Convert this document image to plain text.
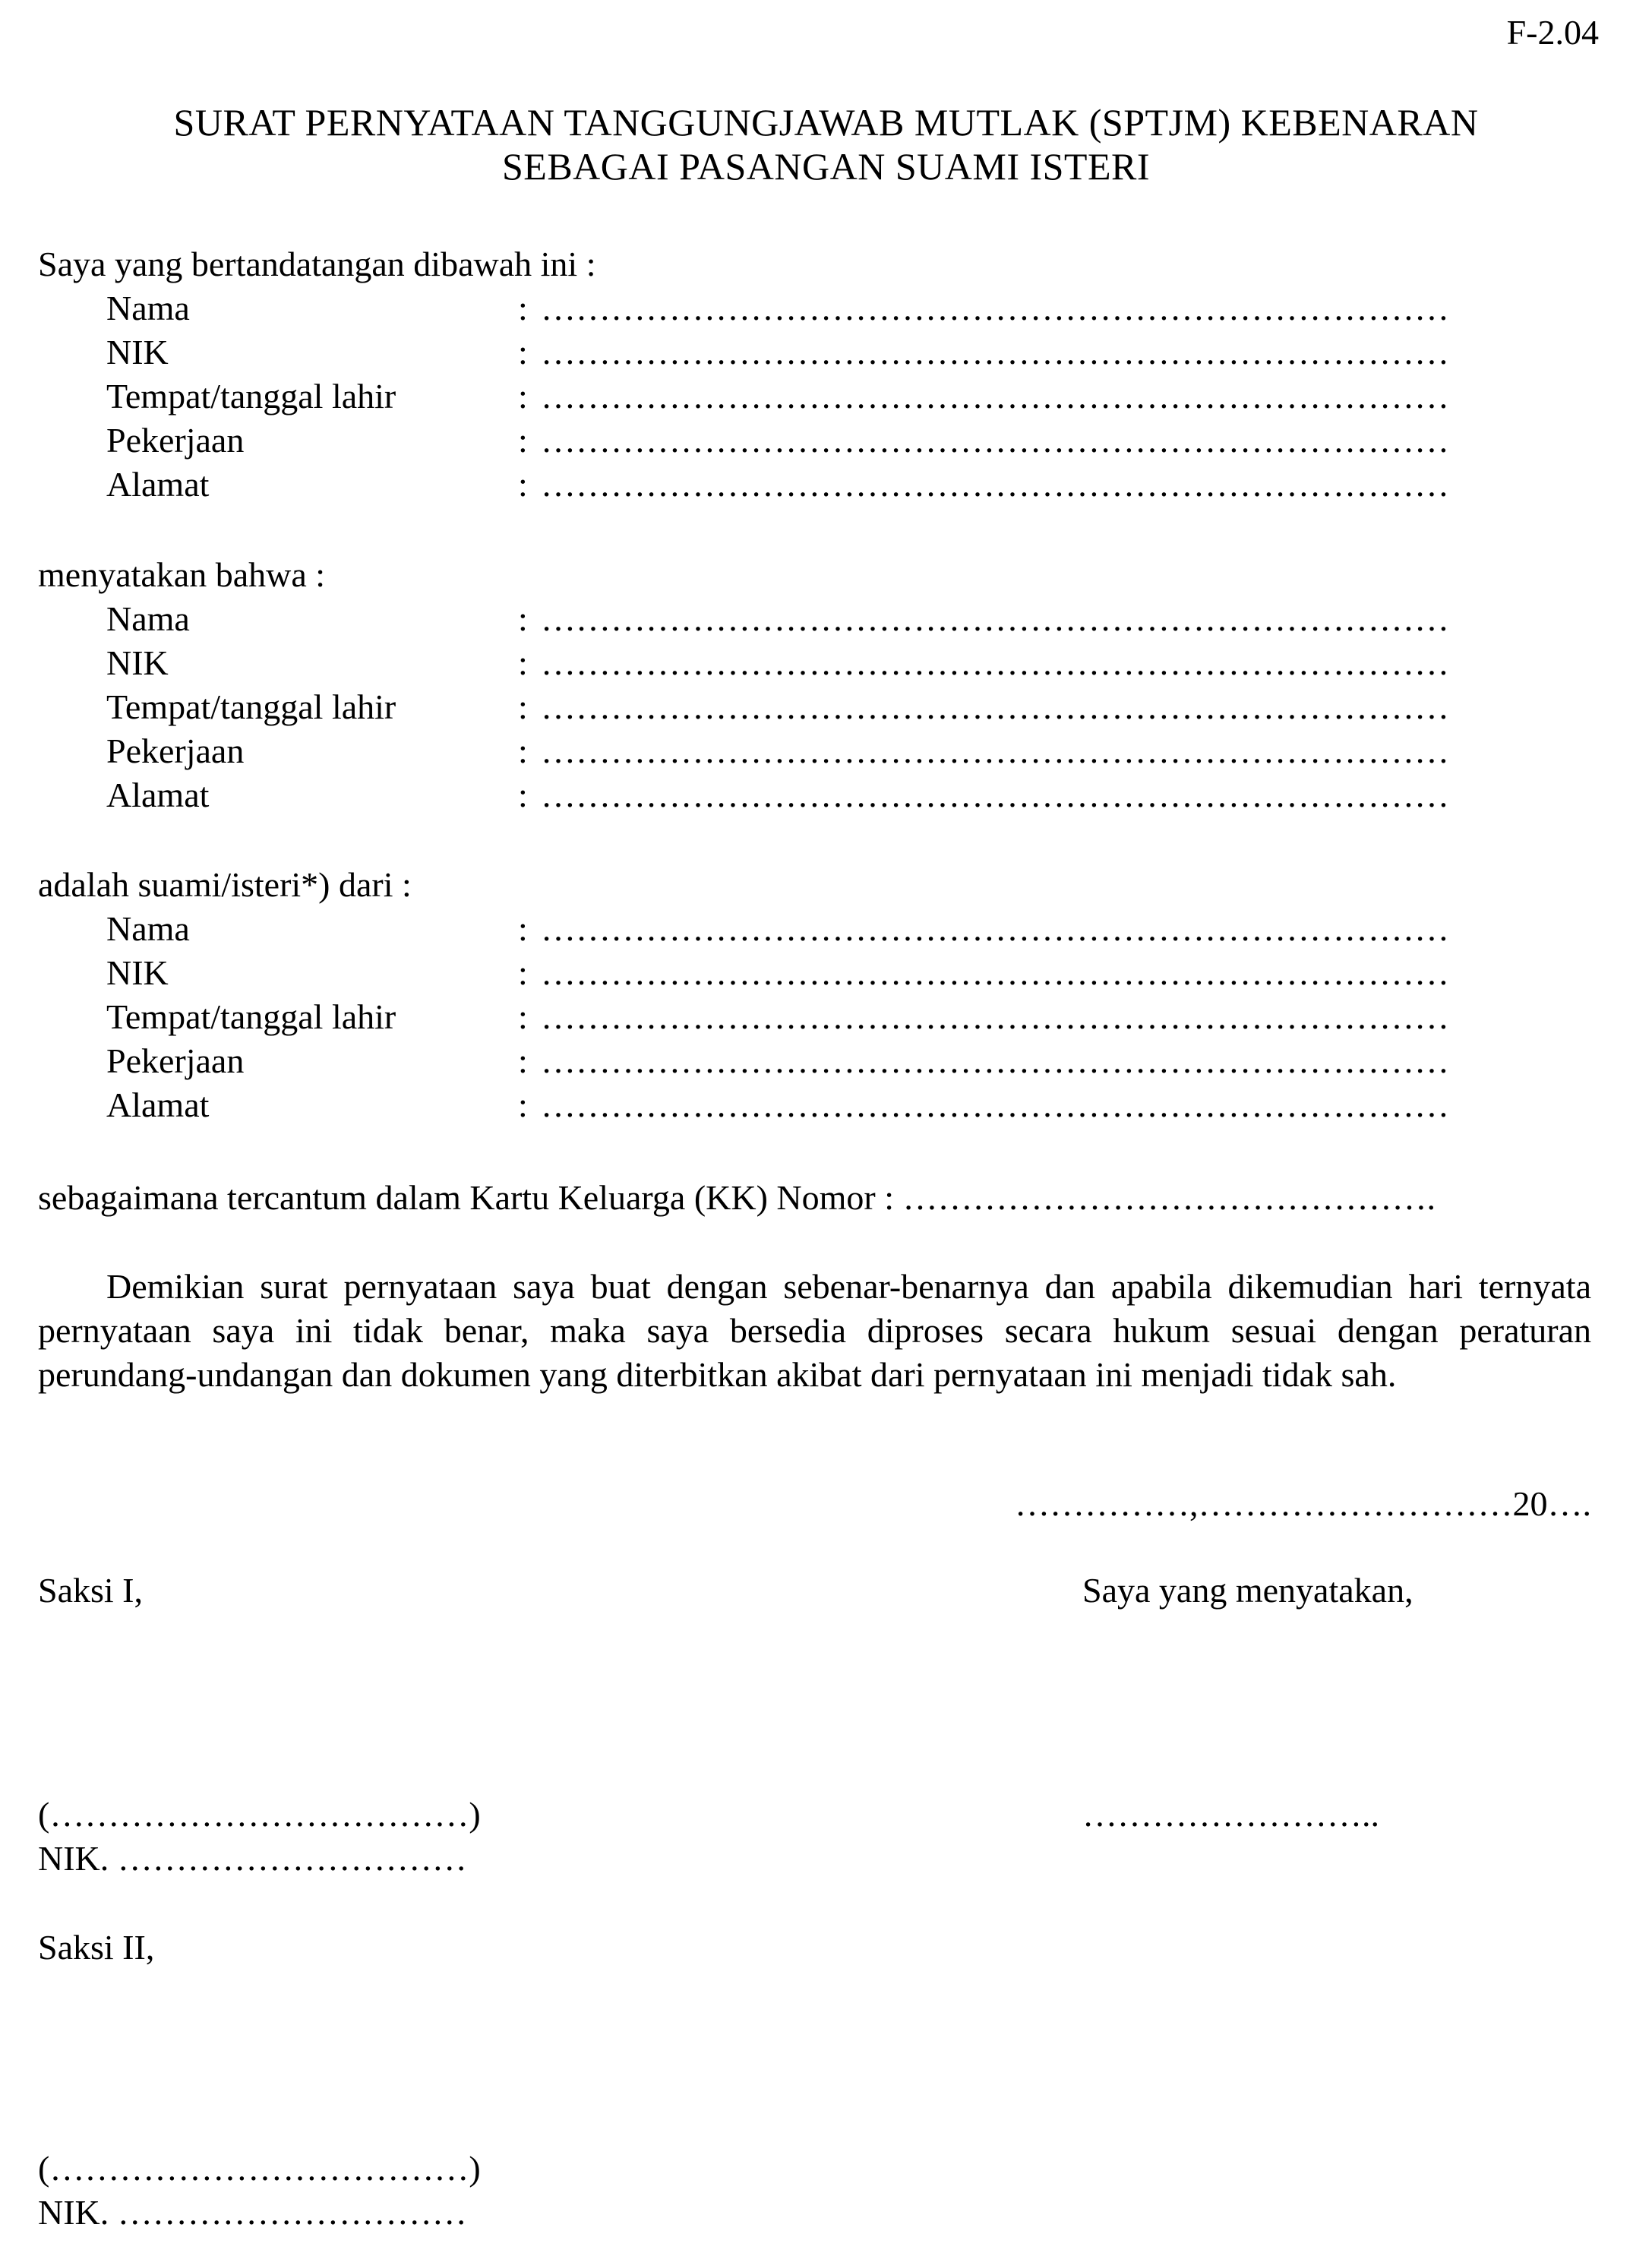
F-2.04
SURAT PERNYATAAN TANGGUNGJAWAB MUTLAK (SPTJM) KEBENARAN
SEBAGAI PASANGAN SUAMI ISTERI
Saya yang bertandatangan dibawah ini :
Nama	: ……………………………………………………………………
NIK	: ……………………………………………………………………
Tempat/tanggal lahir	: ……………………………………………………………………
Pekerjaan	: ……………………………………………………………………
Alamat	: ……………………………………………………………………
menyatakan bahwa :
Nama	: ……………………………………………………………………
NIK	: ……………………………………………………………………
Tempat/tanggal lahir	: ……………………………………………………………………
Pekerjaan	: ……………………………………………………………………
Alamat	: ……………………………………………………………………
adalah suami/isteri*) dari :
Nama	: ……………………………………………………………………
NIK	: ……………………………………………………………………
Tempat/tanggal lahir	: ……………………………………………………………………
Pekerjaan	: ……………………………………………………………………
Alamat	: ……………………………………………………………………
sebagaimana tercantum dalam Kartu Keluarga (KK) Nomor : ……………………………………….
Demikian surat pernyataan saya buat dengan sebenar-benarnya dan apabila dikemudian hari ternyata pernyataan saya ini tidak benar, maka saya bersedia diproses secara hukum sesuai dengan peraturan perundang-undangan dan dokumen yang diterbitkan akibat dari pernyataan ini menjadi tidak sah.
……………,………………………20….
Saksi I,	Saya yang menyatakan,
(………………………………)	……………………..
NIK. …………………………
Saksi II,
(………………………………)
NIK. …………………………
